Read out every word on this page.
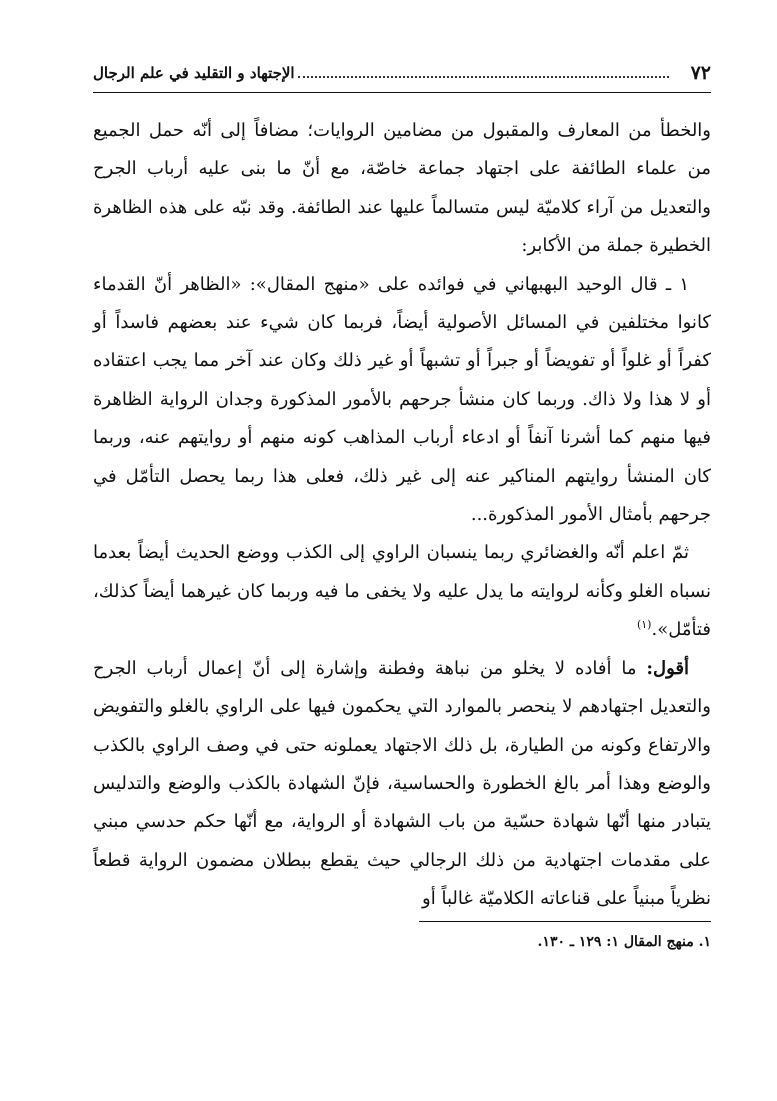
٧٢
الإجتهاد و التقليد في علم الرجال

والخطأ من المعارف والمقبول من مضامين الروايات؛ مضافاً إلى أنّه حمل الجميع من علماء الطائفة على اجتهاد جماعة خاصّة، مع أنّ ما بنى عليه أرباب الجرح والتعديل من آراء كلاميّة ليس متسالماً عليها عند الطائفة. وقد نبّه على هذه الظاهرة الخطيرة جملة من الأكابر:

١ ـ قال الوحيد البهبهاني في فوائده على «منهج المقال»: «الظاهر أنّ القدماء كانوا مختلفين في المسائل الأصولية أيضاً، فربما كان شيء عند بعضهم فاسداً أو كفراً أو غلواً أو تفويضاً أو جبراً أو تشبهاً أو غير ذلك وكان عند آخر مما يجب اعتقاده أو لا هذا ولا ذاك. وربما كان منشأ جرحهم بالأمور المذكورة وجدان الرواية الظاهرة فيها منهم كما أشرنا آنفاً أو ادعاء أرباب المذاهب كونه منهم أو روايتهم عنه، وربما كان المنشأ روايتهم المناكير عنه إلى غير ذلك، فعلى هذا ربما يحصل التأمّل في جرحهم بأمثال الأمور المذكورة...

ثمّ اعلم أنّه والغضائري ربما ينسبان الراوي إلى الكذب ووضع الحديث أيضاً بعدما نسباه الغلو وكأنه لروايته ما يدل عليه ولا يخفى ما فيه وربما كان غيرهما أيضاً كذلك، فتأمّل».$^{(١)}$

أقول: ما أفاده لا يخلو من نباهة وفطنة وإشارة إلى أنّ إعمال أرباب الجرح والتعديل اجتهادهم لا ينحصر بالموارد التي يحكمون فيها على الراوي بالغلو والتفويض والارتفاع وكونه من الطيارة، بل ذلك الاجتهاد يعملونه حتى في وصف الراوي بالكذب والوضع وهذا أمر بالغ الخطورة والحساسية، فإنّ الشهادة بالكذب والوضع والتدليس يتبادر منها أنّها شهادة حسّية من باب الشهادة أو الرواية، مع أنّها حكم حدسي مبني على مقدمات اجتهادية من ذلك الرجالي حيث يقطع ببطلان مضمون الرواية قطعاً نظرياً مبنياً على قناعاته الكلاميّة غالباً أو

١. منهج المقال ١: ١٢٩ ـ ١٣٠.
